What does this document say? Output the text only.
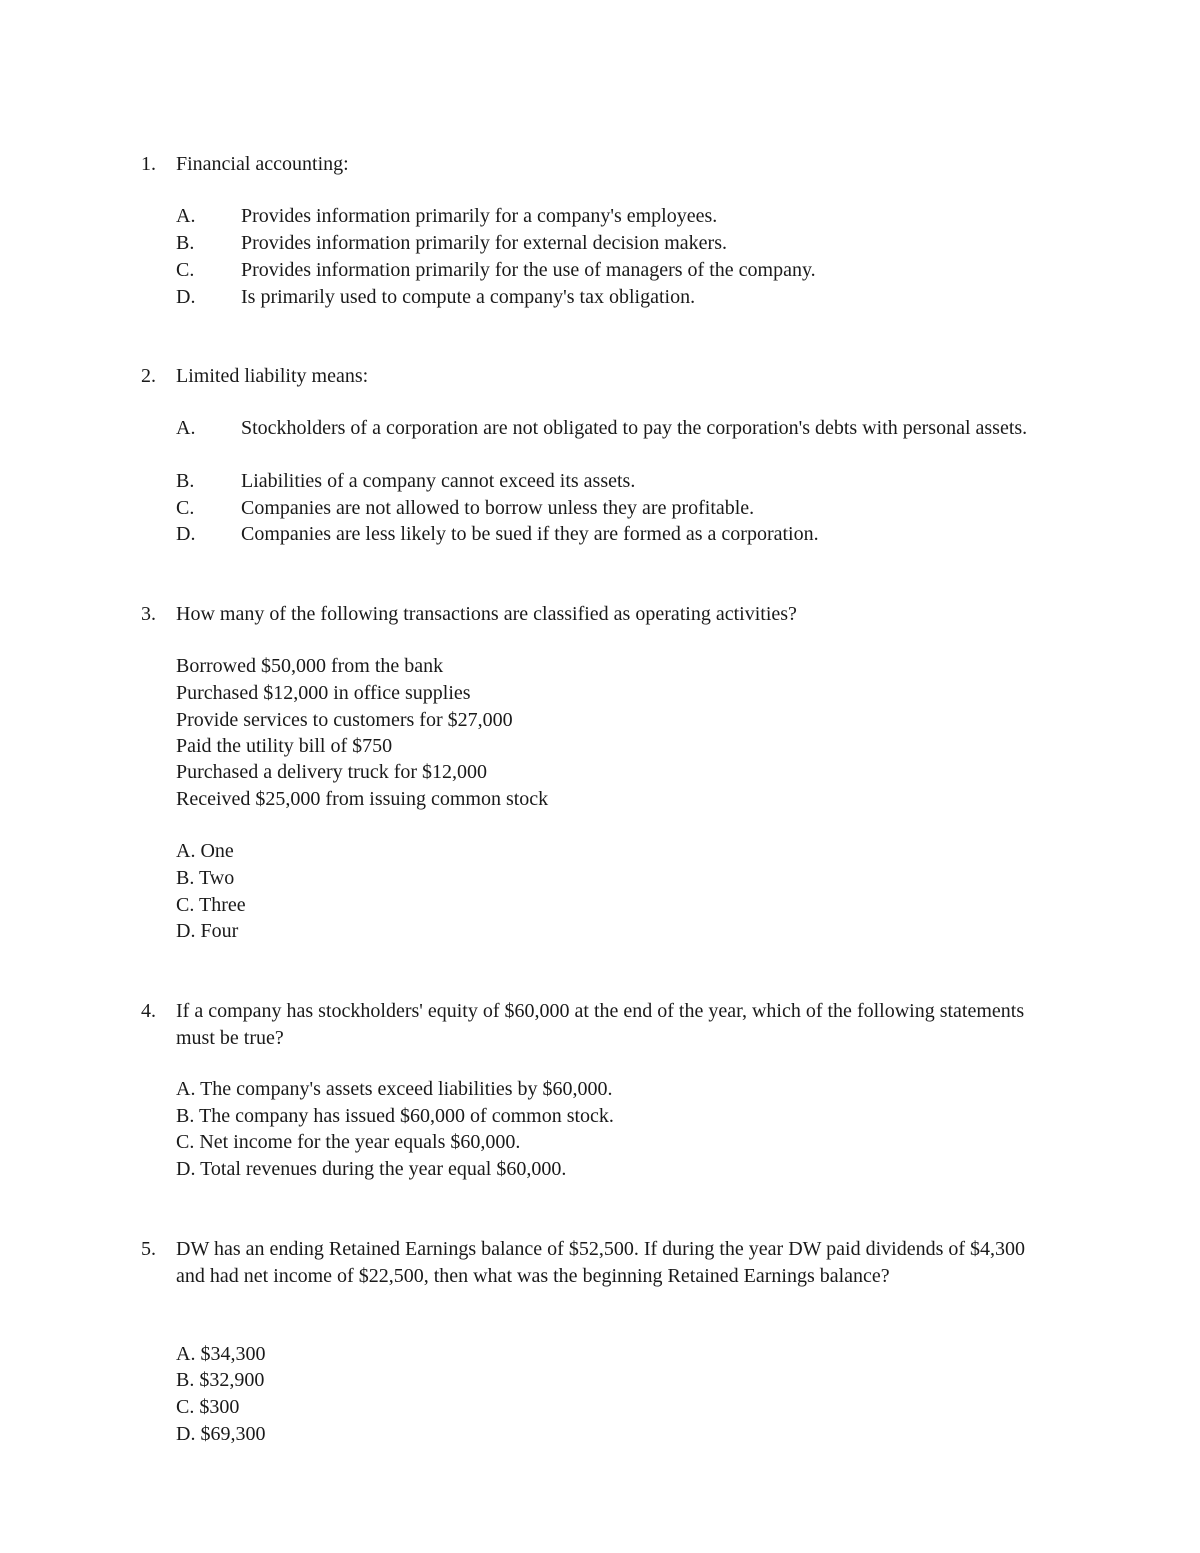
1. Financial accounting:
A. Provides information primarily for a company's employees.
B. Provides information primarily for external decision makers.
C. Provides information primarily for the use of managers of the company.
D. Is primarily used to compute a company's tax obligation.
2. Limited liability means:
A. Stockholders of a corporation are not obligated to pay the corporation's debts with personal assets.
B. Liabilities of a company cannot exceed its assets.
C. Companies are not allowed to borrow unless they are profitable.
D. Companies are less likely to be sued if they are formed as a corporation.
3. How many of the following transactions are classified as operating activities?
Borrowed $50,000 from the bank
Purchased $12,000 in office supplies
Provide services to customers for $27,000
Paid the utility bill of $750
Purchased a delivery truck for $12,000
Received $25,000 from issuing common stock
A. One
B. Two
C. Three
D. Four
4. If a company has stockholders' equity of $60,000 at the end of the year, which of the following statements must be true?
A. The company's assets exceed liabilities by $60,000.
B. The company has issued $60,000 of common stock.
C. Net income for the year equals $60,000.
D. Total revenues during the year equal $60,000.
5. DW has an ending Retained Earnings balance of $52,500. If during the year DW paid dividends of $4,300 and had net income of $22,500, then what was the beginning Retained Earnings balance?
A. $34,300
B. $32,900
C. $300
D. $69,300
